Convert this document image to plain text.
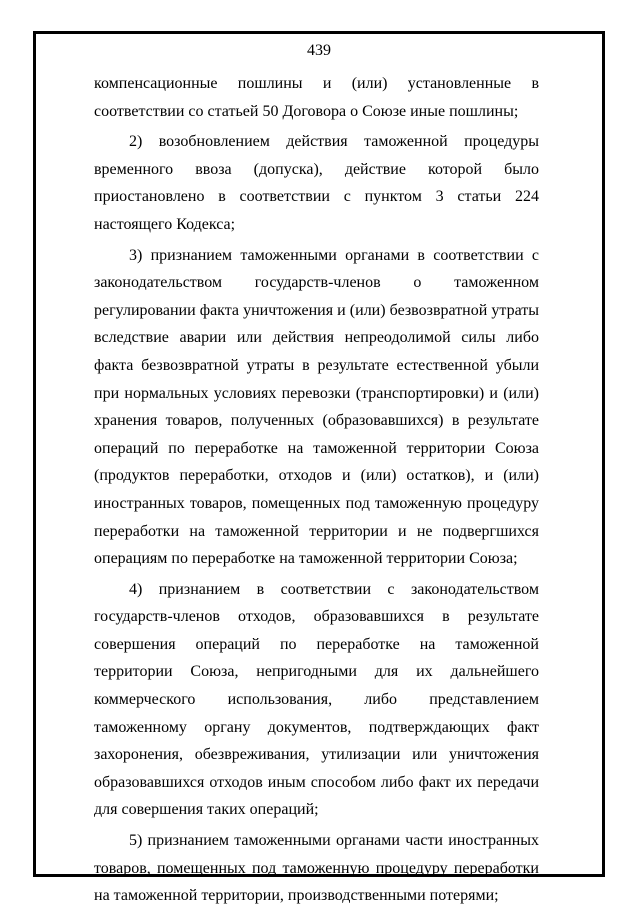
439

компенсационные пошлины и (или) установленные в соответствии со статьей 50 Договора о Союзе иные пошлины;

2) возобновлением действия таможенной процедуры временного ввоза (допуска), действие которой было приостановлено в соответствии с пунктом 3 статьи 224 настоящего Кодекса;

3) признанием таможенными органами в соответствии с законодательством государств-членов о таможенном регулировании факта уничтожения и (или) безвозвратной утраты вследствие аварии или действия непреодолимой силы либо факта безвозвратной утраты в результате естественной убыли при нормальных условиях перевозки (транспортировки) и (или) хранения товаров, полученных (образовавшихся) в результате операций по переработке на таможенной территории Союза (продуктов переработки, отходов и (или) остатков), и (или) иностранных товаров, помещенных под таможенную процедуру переработки на таможенной территории и не подвергшихся операциям по переработке на таможенной территории Союза;

4) признанием в соответствии с законодательством государств-членов отходов, образовавшихся в результате совершения операций по переработке на таможенной территории Союза, непригодными для их дальнейшего коммерческого использования, либо представлением таможенному органу документов, подтверждающих факт захоронения, обезвреживания, утилизации или уничтожения образовавшихся отходов иным способом либо факт их передачи для совершения таких операций;

5) признанием таможенными органами части иностранных товаров, помещенных под таможенную процедуру переработки на таможенной территории, производственными потерями;
